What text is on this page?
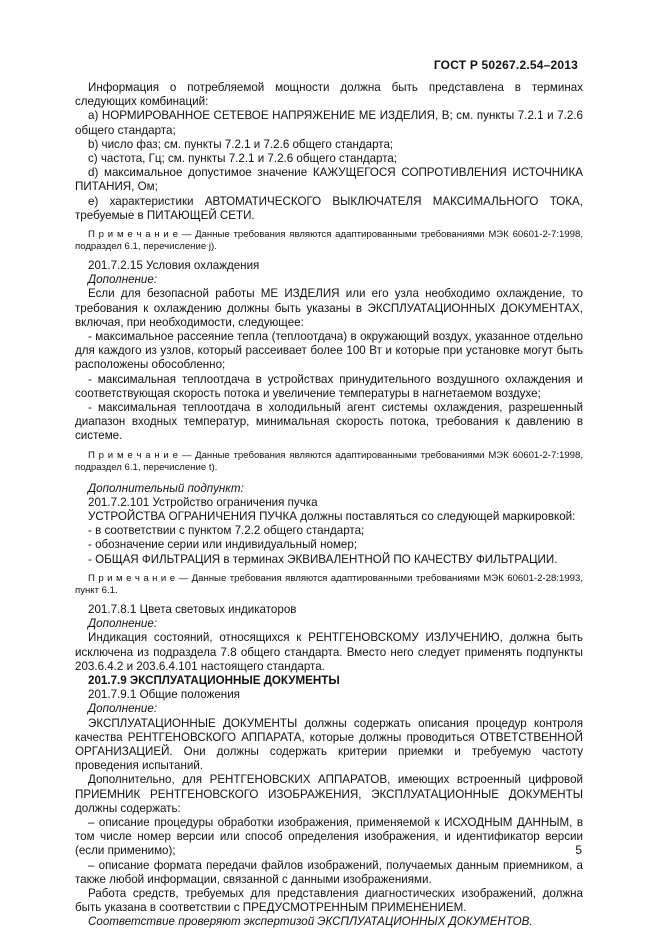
ГОСТ Р 50267.2.54–2013

Информация о потребляемой мощности должна быть представлена в терминах следующих комбинаций:

a) НОРМИРОВАННОЕ СЕТЕВОЕ НАПРЯЖЕНИЕ МЕ ИЗДЕЛИЯ, В; см. пункты 7.2.1 и 7.2.6 общего стандарта;

b) число фаз; см. пункты 7.2.1 и 7.2.6 общего стандарта;

c) частота, Гц; см. пункты 7.2.1 и 7.2.6 общего стандарта;

d) максимальное допустимое значение КАЖУЩЕГОСЯ СОПРОТИВЛЕНИЯ ИСТОЧНИКА ПИТАНИЯ, Ом;

e) характеристики АВТОМАТИЧЕСКОГО ВЫКЛЮЧАТЕЛЯ МАКСИМАЛЬНОГО ТОКА, требуемые в ПИТАЮЩЕЙ СЕТИ.

П р и м е ч а н и е — Данные требования являются адаптированными требованиями МЭК 60601-2-7:1998, подраздел 6.1, перечисление j).

201.7.2.15 Условия охлаждения

Дополнение:

Если для безопасной работы МЕ ИЗДЕЛИЯ или его узла необходимо охлаждение, то требования к охлаждению должны быть указаны в ЭКСПЛУАТАЦИОННЫХ ДОКУМЕНТАХ, включая, при необходимости, следующее:

- максимальное рассеяние тепла (теплоотдача) в окружающий воздух, указанное отдельно для каждого из узлов, который рассеивает более 100 Вт и которые при установке могут быть расположены обособленно;

- максимальная теплоотдача в устройствах принудительного воздушного охлаждения и соответствующая скорость потока и увеличение температуры в нагнетаемом воздухе;

- максимальная теплоотдача в холодильный агент системы охлаждения, разрешенный диапазон входных температур, минимальная скорость потока, требования к давлению в системе.

П р и м е ч а н и е — Данные требования являются адаптированными требованиями МЭК 60601-2-7:1998, подраздел 6.1, перечисление t).

Дополнительный подпункт:

201.7.2.101 Устройство ограничения пучка

УСТРОЙСТВА ОГРАНИЧЕНИЯ ПУЧКА должны поставляться со следующей маркировкой:

- в соответствии с пунктом 7.2.2 общего стандарта;

- обозначение серии или индивидуальный номер;

- ОБЩАЯ ФИЛЬТРАЦИЯ в терминах ЭКВИВАЛЕНТНОЙ ПО КАЧЕСТВУ ФИЛЬТРАЦИИ.

П р и м е ч а н и е — Данные требования являются адаптированными требованиями МЭК 60601-2-28:1993, пункт 6.1.

201.7.8.1 Цвета световых индикаторов

Дополнение:

Индикация состояний, относящихся к РЕНТГЕНОВСКОМУ ИЗЛУЧЕНИЮ, должна быть исключена из подраздела 7.8 общего стандарта. Вместо него следует применять подпункты 203.6.4.2 и 203.6.4.101 настоящего стандарта.

201.7.9 ЭКСПЛУАТАЦИОННЫЕ ДОКУМЕНТЫ

201.7.9.1 Общие положения

Дополнение:

ЭКСПЛУАТАЦИОННЫЕ ДОКУМЕНТЫ должны содержать описания процедур контроля качества РЕНТГЕНОВСКОГО АППАРАТА, которые должны проводиться ОТВЕТСТВЕННОЙ ОРГАНИЗАЦИЕЙ. Они должны содержать критерии приемки и требуемую частоту проведения испытаний.

Дополнительно, для РЕНТГЕНОВСКИХ АППАРАТОВ, имеющих встроенный цифровой ПРИЕМНИК РЕНТГЕНОВСКОГО ИЗОБРАЖЕНИЯ, ЭКСПЛУАТАЦИОННЫЕ ДОКУМЕНТЫ должны содержать:

– описание процедуры обработки изображения, применяемой к ИСХОДНЫМ ДАННЫМ, в том числе номер версии или способ определения изображения, и идентификатор версии (если применимо);

– описание формата передачи файлов изображений, получаемых данным приемником, а также любой информации, связанной с данными изображениями.

Работа средств, требуемых для представления диагностических изображений, должна быть указана в соответствии с ПРЕДУСМОТРЕННЫМ ПРИМЕНЕНИЕМ.

Соответствие проверяют экспертизой ЭКСПЛУАТАЦИОННЫХ ДОКУМЕНТОВ.

5
